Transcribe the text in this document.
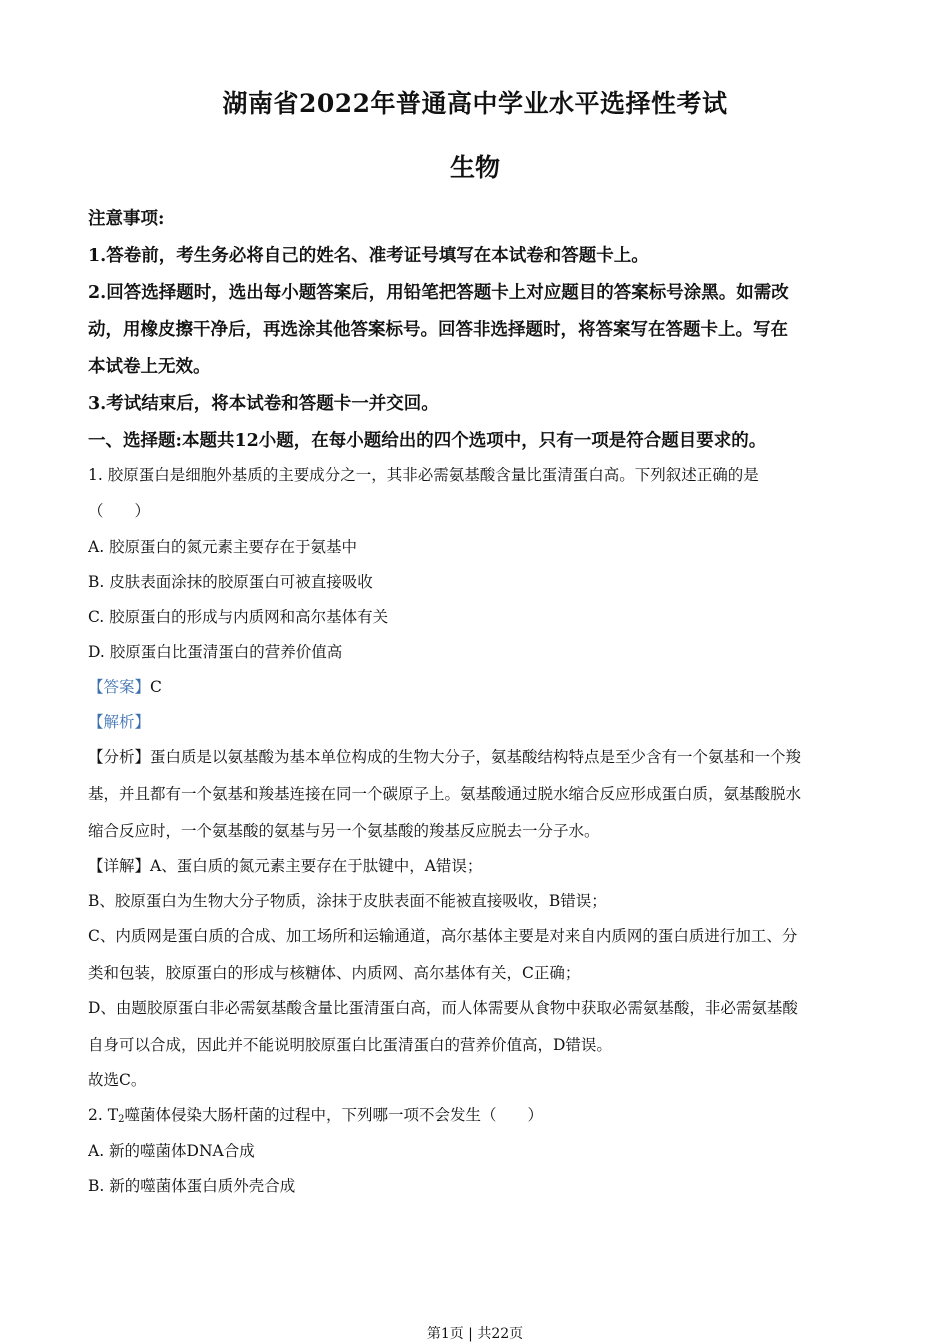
湖南省2022年普通高中学业水平选择性考试
生物
注意事项:
1.答卷前，考生务必将自己的姓名、准考证号填写在本试卷和答题卡上。
2.回答选择题时，选出每小题答案后，用铅笔把答题卡上对应题目的答案标号涂黑。如需改
动，用橡皮擦干净后，再选涂其他答案标号。回答非选择题时，将答案写在答题卡上。写在
本试卷上无效。
3.考试结束后，将本试卷和答题卡一并交回。
一、选择题:本题共12小题，在每小题给出的四个选项中，只有一项是符合题目要求的。
1. 胶原蛋白是细胞外基质的主要成分之一，其非必需氨基酸含量比蛋清蛋白高。下列叙述正确的是
（　　）
A. 胶原蛋白的氮元素主要存在于氨基中
B. 皮肤表面涂抹的胶原蛋白可被直接吸收
C. 胶原蛋白的形成与内质网和高尔基体有关
D. 胶原蛋白比蛋清蛋白的营养价值高
【答案】C
【解析】
【分析】蛋白质是以氨基酸为基本单位构成的生物大分子，氨基酸结构特点是至少含有一个氨基和一个羧
基，并且都有一个氨基和羧基连接在同一个碳原子上。氨基酸通过脱水缩合反应形成蛋白质，氨基酸脱水
缩合反应时，一个氨基酸的氨基与另一个氨基酸的羧基反应脱去一分子水。
【详解】A、蛋白质的氮元素主要存在于肽键中，A错误；
B、胶原蛋白为生物大分子物质，涂抹于皮肤表面不能被直接吸收，B错误；
C、内质网是蛋白质的合成、加工场所和运输通道，高尔基体主要是对来自内质网的蛋白质进行加工、分
类和包装，胶原蛋白的形成与核糖体、内质网、高尔基体有关，C正确；
D、由题胶原蛋白非必需氨基酸含量比蛋清蛋白高，而人体需要从食物中获取必需氨基酸，非必需氨基酸
自身可以合成，因此并不能说明胶原蛋白比蛋清蛋白的营养价值高，D错误。
故选C。
2. $T_2$噬菌体侵染大肠杆菌的过程中，下列哪一项不会发生（　　）
A. 新的噬菌体DNA合成
B. 新的噬菌体蛋白质外壳合成
第1页 | 共22页
